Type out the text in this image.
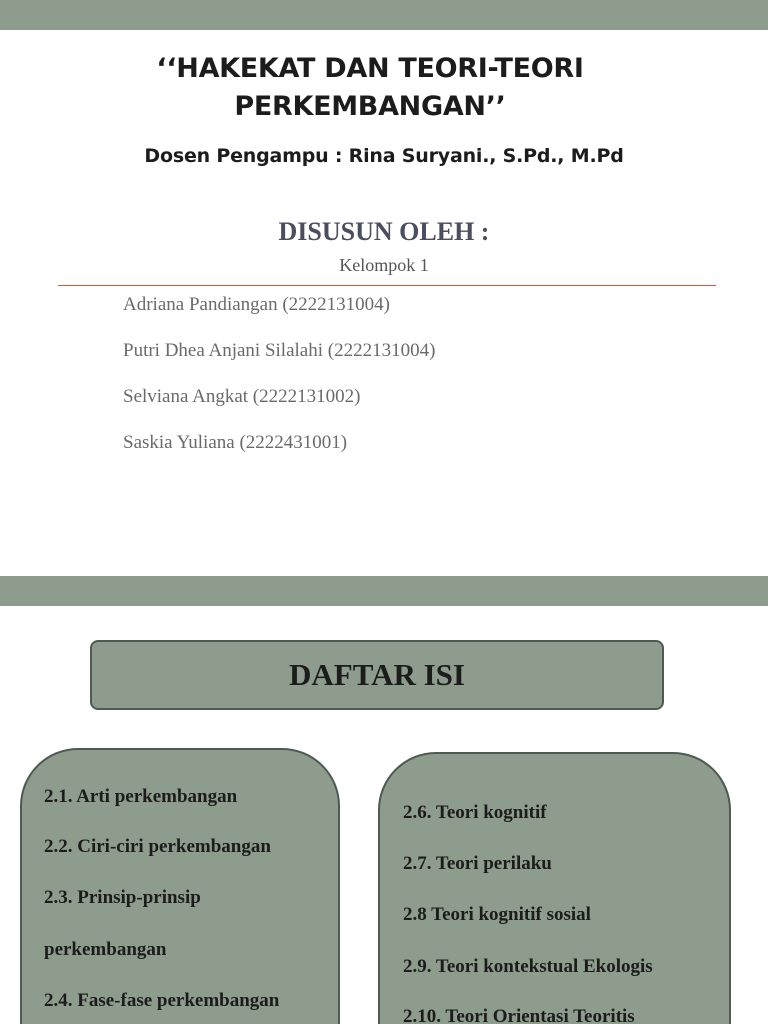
‘‘HAKEKAT DAN TEORI-TEORI PERKEMBANGAN’’
Dosen Pengampu : Rina Suryani., S.Pd., M.Pd
DISUSUN OLEH :
Kelompok 1
Adriana Pandiangan (2222131004)
Putri Dhea Anjani Silalahi (2222131004)
Selviana Angkat (2222131002)
Saskia Yuliana (2222431001)
DAFTAR ISI
2.1. Arti perkembangan
2.2. Ciri-ciri perkembangan
2.3. Prinsip-prinsip
perkembangan
2.4. Fase-fase perkembangan
2.6. Teori kognitif
2.7. Teori perilaku
2.8 Teori kognitif sosial
2.9. Teori kontekstual Ekologis
2.10. Teori Orientasi Teoritis
